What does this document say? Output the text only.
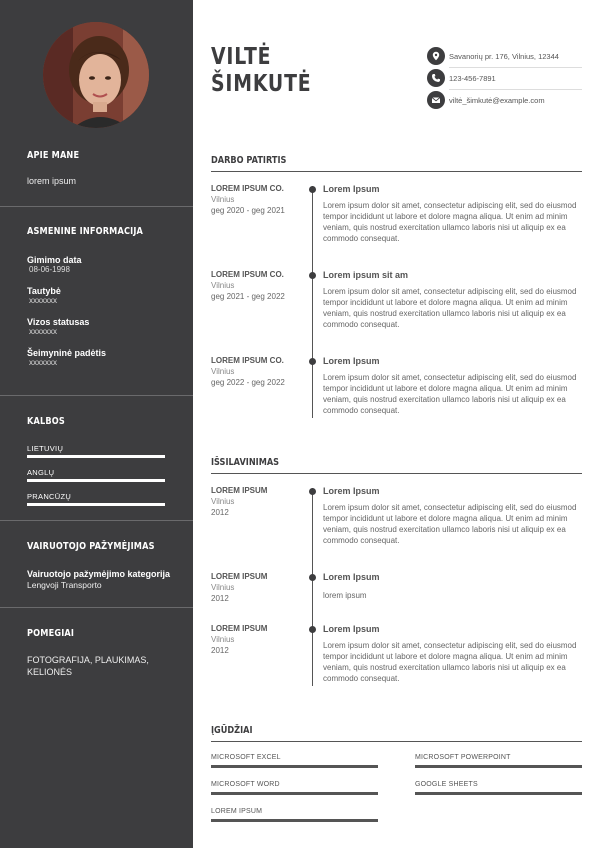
APIE MANE
lorem ipsum
ASMENINĖ INFORMACIJA
Gimimo data
08-06-1998
Tautybė
xxxxxxx
Vizos statusas
xxxxxxx
Šeimyninė padėtis
xxxxxxx
KALBOS
LIETUVIŲ
ANGLŲ
PRANCŪZŲ
VAIRUOTOJO PAŽYMĖJIMAS
Vairuotojo pažymėjimo kategorija
Lengvoji Transporto
POMĖGIAI
FOTOGRAFIJA, PLAUKIMAS, KELIONĖS
VILTĖ
ŠIMKUTĖ
Savanorių pr. 176, Vilnius, 12344
123-456-7891
viltė_šimkutė@example.com
DARBO PATIRTIS
LOREM IPSUM CO.
Vilnius
geg 2020 - geg 2021
Lorem Ipsum
Lorem ipsum dolor sit amet, consectetur adipiscing elit, sed do eiusmod tempor incididunt ut labore et dolore magna aliqua. Ut enim ad minim veniam, quis nostrud exercitation ullamco laboris nisi ut aliquip ex ea commodo consequat.
LOREM IPSUM CO.
Vilnius
geg 2021 - geg 2022
Lorem ipsum sit am
Lorem ipsum dolor sit amet, consectetur adipiscing elit, sed do eiusmod tempor incididunt ut labore et dolore magna aliqua. Ut enim ad minim veniam, quis nostrud exercitation ullamco laboris nisi ut aliquip ex ea commodo consequat.
LOREM IPSUM CO.
Vilnius
geg 2022 - geg 2022
Lorem Ipsum
Lorem ipsum dolor sit amet, consectetur adipiscing elit, sed do eiusmod tempor incididunt ut labore et dolore magna aliqua. Ut enim ad minim veniam, quis nostrud exercitation ullamco laboris nisi ut aliquip ex ea commodo consequat.
IŠSILAVINIMAS
LOREM IPSUM
Vilnius
2012
Lorem Ipsum
Lorem ipsum dolor sit amet, consectetur adipiscing elit, sed do eiusmod tempor incididunt ut labore et dolore magna aliqua. Ut enim ad minim veniam, quis nostrud exercitation ullamco laboris nisi ut aliquip ex ea commodo consequat.
LOREM IPSUM
Vilnius
2012
Lorem Ipsum
lorem ipsum
LOREM IPSUM
Vilnius
2012
Lorem Ipsum
Lorem ipsum dolor sit amet, consectetur adipiscing elit, sed do eiusmod tempor incididunt ut labore et dolore magna aliqua. Ut enim ad minim veniam, quis nostrud exercitation ullamco laboris nisi ut aliquip ex ea commodo consequat.
ĮGŪDŽIAI
MICROSOFT EXCEL	MICROSOFT POWERPOINT
MICROSOFT WORD	GOOGLE SHEETS
LOREM IPSUM
